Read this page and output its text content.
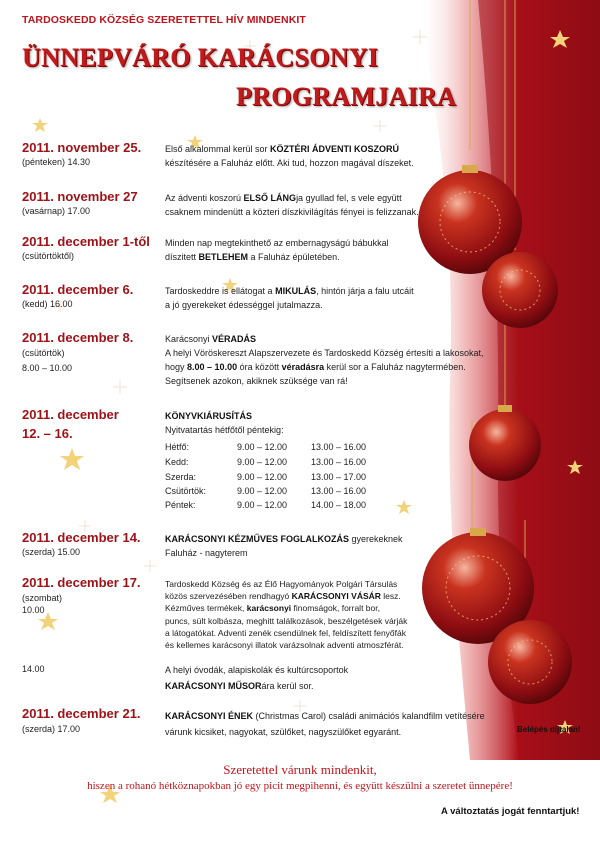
TARDOSKEDD KÖZSÉG SZERETETTEL HÍV MINDENKIT
ÜNNEPVÁRÓ KARÁCSONYI
PROGRAMJAIRA
2011. november 25.
(pénteken) 14.30
Első alkalommal kerül sor KÖZTÉRI ÁDVENTI KOSZORÚ
készítésére a Faluház előtt. Aki tud, hozzon magával díszeket.
2011. november 27
(vasárnap) 17.00
Az ádventi koszorú ELSŐ LÁNGja gyullad fel, s vele együtt
csaknem mindenütt a közteri díszkivilágítás fényei is felizzanak.
2011. december 1-től
(csütörtöktől)
Minden nap megtekinthető az embernagyságú bábukkal
díszitett BETLEHEM a Faluház épületében.
2011. december 6.
(kedd) 16.00
Tardoskeddre is ellátogat a MIKULÁS, hintón járja a falu utcáit
a jó gyerekeket édességgel jutalmazza.
2011. december 8.
(csütörtök)
8.00 – 10.00
Karácsonyi VÉRADÁS
A helyi Vöröskereszt Alapszervezete és Tardoskedd Község értesíti a lakosokat,
hogy 8.00 – 10.00 óra között véradásra kerül sor a Faluház nagytermében.
Segítsenek azokon, akiknek szüksége van rá!
2011. december
12. – 16.
KÖNYVKIÁRUSÍTÁS
Nyitvatartás hétfőtől péntekig:
Hétfő:	9.00 – 12.00	13.00 – 16.00
Kedd:	9.00 – 12.00	13.00 – 16.00
Szerda:	9.00 – 12.00	13.00 – 17.00
Csütörtök:	9.00 – 12.00	13.00 – 16.00
Péntek:	9.00 – 12.00	14.00 – 18.00
2011. december 14.
(szerda) 15.00
KARÁCSONYI KÉZMŰVES FOGLALKOZÁS gyerekeknek
Faluház - nagyterem
2011. december 17.
(szombat)
10.00
Tardoskedd Község és az Élő Hagyományok Polgári Társulás
közös szervezésében rendhagyó KARÁCSONYI VÁSÁR lesz.
Kézműves termékek, karácsonyi finomságok, forralt bor,
puncs, sült kolbásza, meghitt találkozások, beszélgetések várják
a látogatókat. Adventi zenék csendülnek fel, feldíszített fenyőfák
és kellemes karácsonyi illatok varázsolnak adventi atmoszférát.
14.00	A helyi óvodák, alapiskolák és kultúrcsoportok
KARÁCSONYI MŰSORára kerül sor.
2011. december 21.
(szerda) 17.00
KARÁCSONYI ÉNEK (Christmas Carol) családi animációs kalandfilm vetítésére
várunk kicsiket, nagyokat, szülőket, nagyszülőket egyaránt.	Belépés díjtalan!
Szeretettel várunk mindenkit,
hiszen a rohanó hétköznapokban jó egy picit megpihenni, és együtt készülni a szeretet ünnepére!
A változtatás jogát fenntartjuk!
